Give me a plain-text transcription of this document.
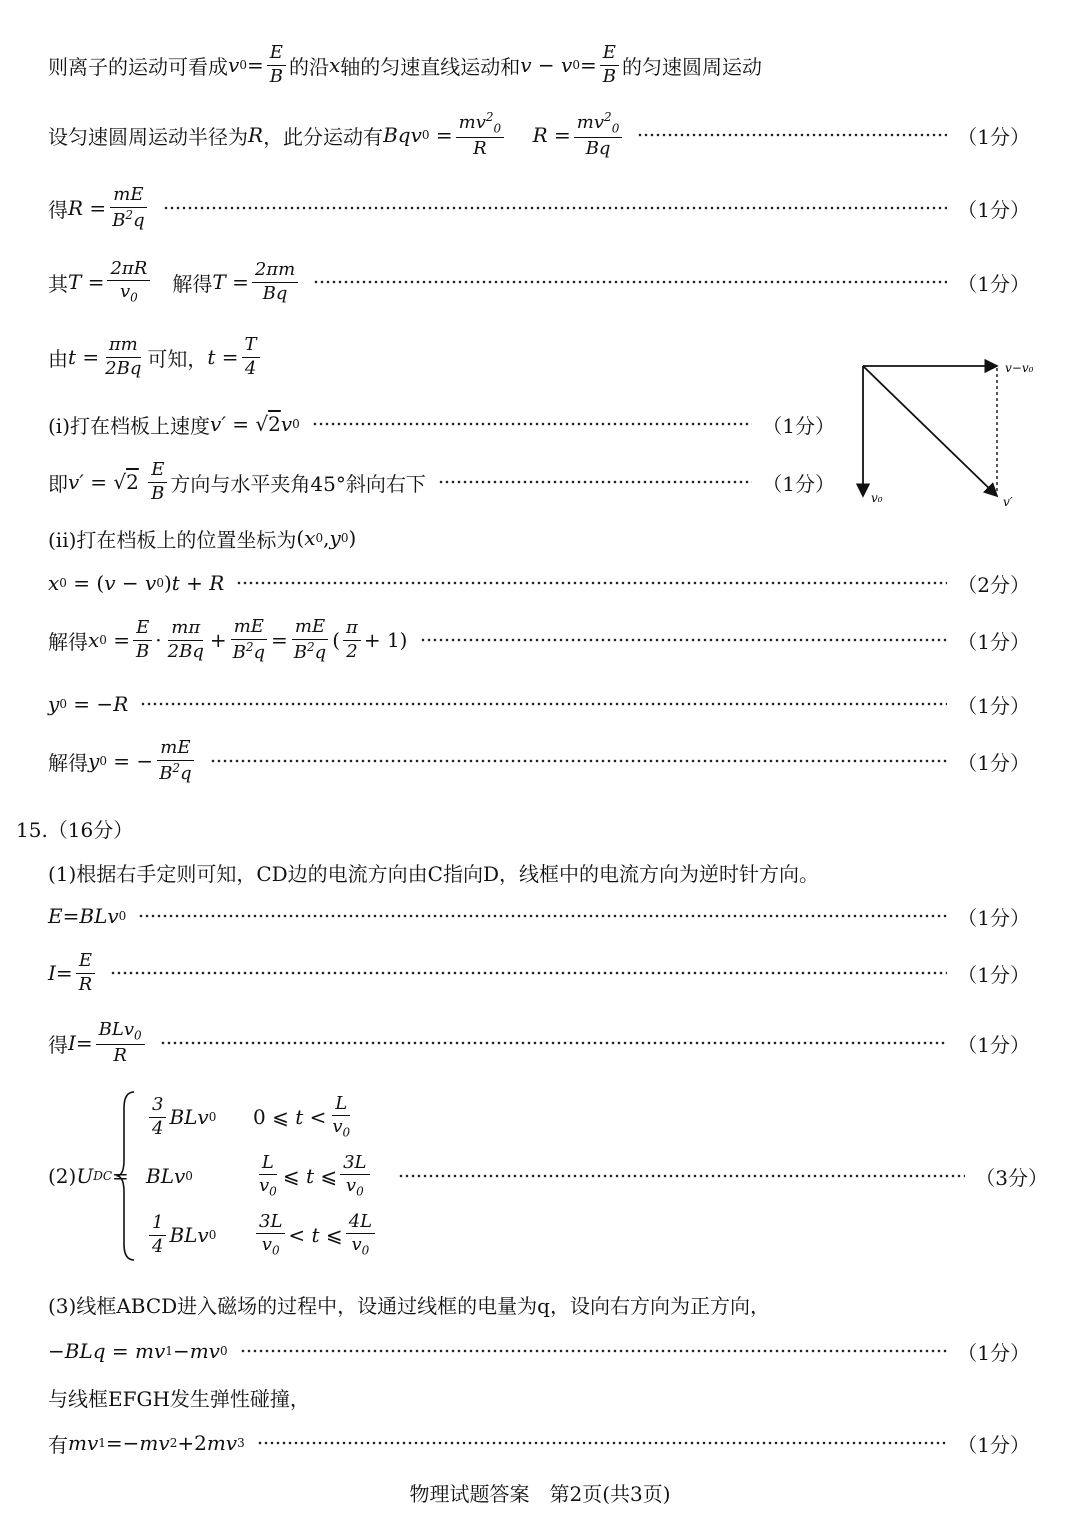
则离子的运动可看成 v $0 = \frac{E}{B}$ 的沿 x 轴的匀速直线运动和 v − v $0 = \frac{E}{B}$ 的匀速圆周运动
设匀速圆周运动半径为 R ，此分运动有 Bqv $0 = \frac{mv^2_0}{R}$
$R = \frac{mv^2_0}{Bq}$	（1分）
得 $R = \frac{mE}{B^2q}$	（1分）
其 $T = \frac{2\pi R}{v_0}$
解得 $T = \frac{2\pi m}{Bq}$	（1分）
由 $t = \frac{\pi m}{2Bq}$ 可知， $t = \frac{T}{4}$
(i)打在档板上速度 v′ = √ 2 v 0	（1分）
即 v′ = √ 2
$\frac{E}{B}$ 方向与水平夹角45°斜向右下	（1分）
v−v₀
v₀	v′
(ii)打在档板上的位置坐标为 ( x 0 , y 0 )
x 0 = ( v − v 0 ) t + R	（2分）
解得 x $0 = \frac{E}{B} \cdot \frac{m\pi}{2Bq} + \frac{mE}{B^2q} = \frac{mE}{B^2q}$ ( $\frac{\pi}{2} + 1$)	（1分）
y 0 = − R	（1分）
解得 y 0 = − $\frac{mE}{B^2q}$	（1分）
15.（16分）
(1)根据右手定则可知，CD边的电流方向由C指向D，线框中的电流方向为逆时针方向。
E = BLv 0	（1分）
$I = \frac{E}{R}$	（1分）
得 $I = \frac{BLv_0}{R}$	（1分）
(2) U DC =
$\frac{3}{4}$ BLv 0 0 ⩽ $t < \frac{L}{v_0}$
BLv 0	$\frac{L}{v_0}$ ⩽ t ⩽ $\frac{3L}{v_0}$
$\frac{1}{4}$ BLv $0 \frac{3L}{v_0} < t$ ⩽ $\frac{4L}{v_0}$
（3分）
(3)线框ABCD进入磁场的过程中，设通过线框的电量为q，设向右方向为正方向，
− BLq = mv 1 − mv 0	（1分）
与线框EFGH发生弹性碰撞，
有 mv 1 =− mv 2 +2 mv 3	（1分）
物理试题答案　第2页(共3页)
